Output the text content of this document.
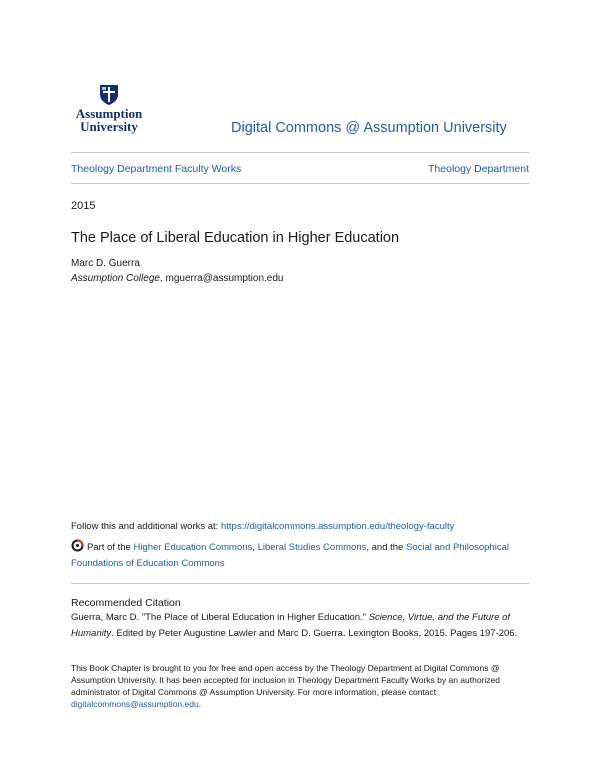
Assumption
University	Digital Commons @ Assumption University
Theology Department Faculty Works	Theology Department
2015
The Place of Liberal Education in Higher Education
Marc D. Guerra
Assumption College, mguerra@assumption.edu
Follow this and additional works at: https://digitalcommons.assumption.edu/theology-faculty
Part of the Higher Education Commons, Liberal Studies Commons, and the Social and Philosophical Foundations of Education Commons
Recommended Citation
Guerra, Marc D. "The Place of Liberal Education in Higher Education." Science, Virtue, and the Future of Humanity. Edited by Peter Augustine Lawler and Marc D. Guerra. Lexington Books, 2015. Pages 197-206.
This Book Chapter is brought to you for free and open access by the Theology Department at Digital Commons @ Assumption University. It has been accepted for inclusion in Theology Department Faculty Works by an authorized administrator of Digital Commons @ Assumption University. For more information, please contact digitalcommons@assumption.edu.
